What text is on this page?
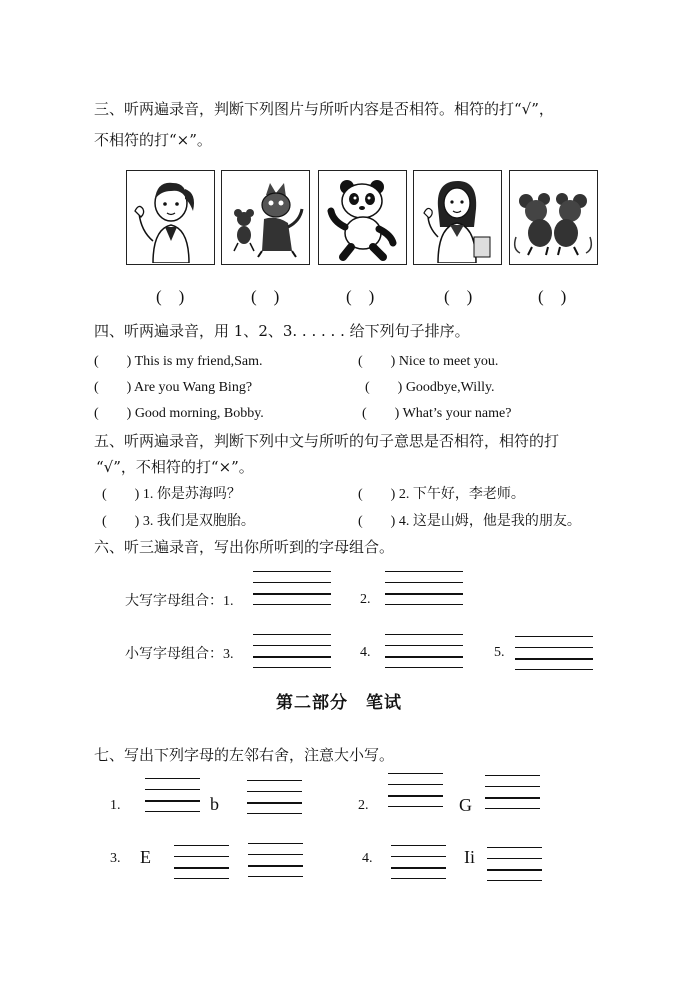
三、听两遍录音，判断下列图片与所听内容是否相符。相符的打“√”，
不相符的打“×”。
(　)	(　)	(　)	(　)	(　)
四、听两遍录音，用 1、2、3. . . . . . 给下列句子排序。
(　　) This is my friend,Sam.	(　　) Nice to meet you.
(　　) Are you Wang Bing?	(　　) Goodbye,Willy.
(　　) Good morning, Bobby.	(　　) What’s your name?
五、听两遍录音，判断下列中文与所听的句子意思是否相符，相符的打
“√”，不相符的打“×”。
(　　) 1. 你是苏海吗？	(　　) 2. 下午好，李老师。
(　　) 3. 我们是双胞胎。	(　　) 4. 这是山姆，他是我的朋友。
六、听三遍录音，写出你所听到的字母组合。
大写字母组合：1.	2.
小写字母组合：3.	4.	5.
第二部分　笔试
七、写出下列字母的左邻右舍，注意大小写。
1.	b	2.	G
3. E	4.	Ii
